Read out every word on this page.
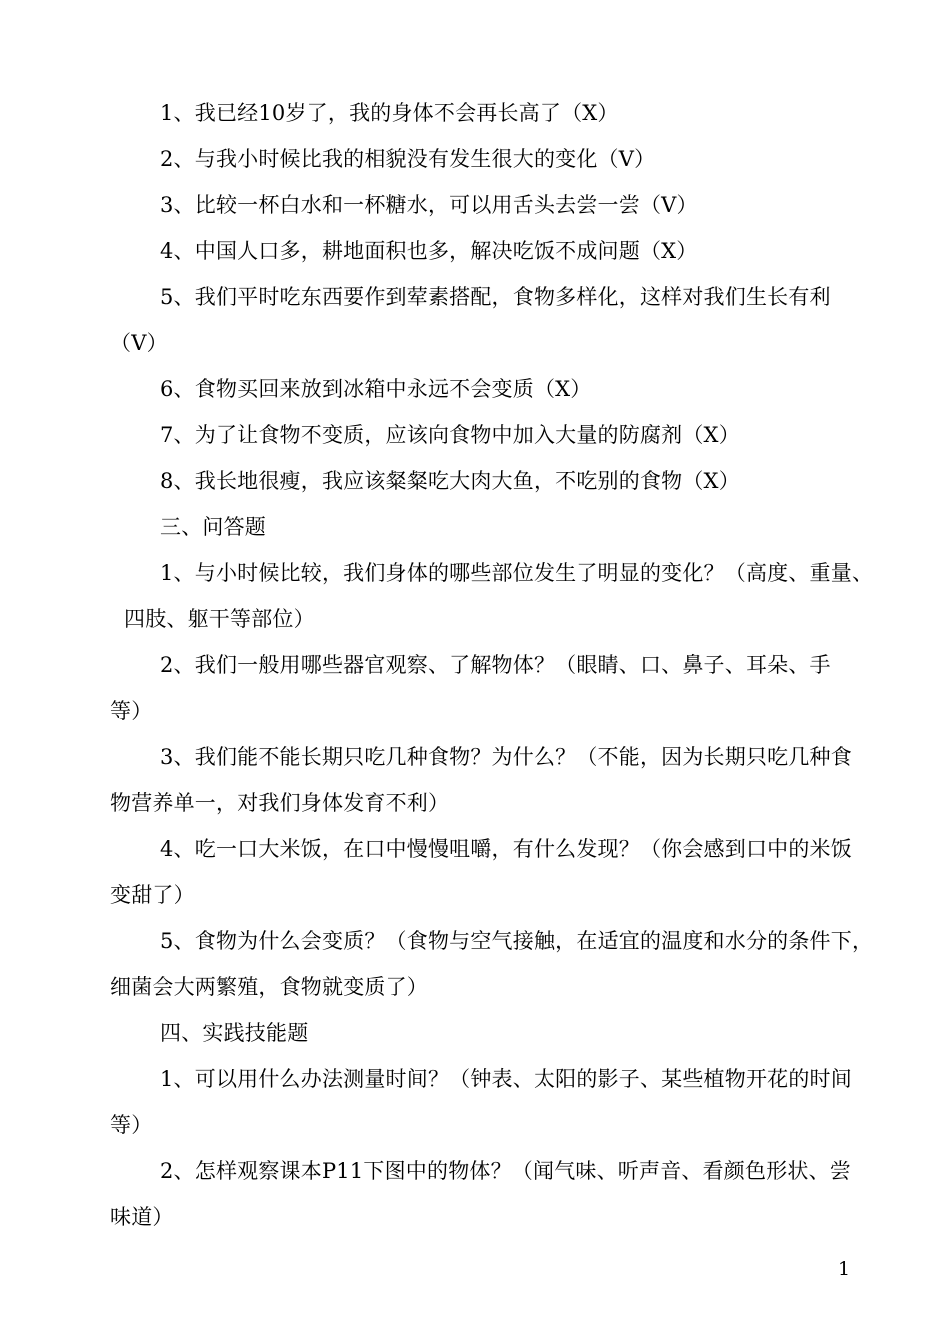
1、我已经10岁了，我的身体不会再长高了（X）
2、与我小时候比我的相貌没有发生很大的变化（V）
3、比较一杯白水和一杯糖水，可以用舌头去尝一尝（V）
4、中国人口多，耕地面积也多，解决吃饭不成问题（X）
5、我们平时吃东西要作到荤素搭配，食物多样化，这样对我们生长有利
（V）
6、食物买回来放到冰箱中永远不会变质（X）
7、为了让食物不变质，应该向食物中加入大量的防腐剂（X）
8、我长地很瘦，我应该粲粲吃大肉大鱼，不吃别的食物（X）
三、问答题
1、与小时候比较，我们身体的哪些部位发生了明显的变化？（高度、重量、
四肢、躯干等部位）
2、我们一般用哪些器官观察、了解物体？（眼睛、口、鼻子、耳朵、手
等）
3、我们能不能长期只吃几种食物？为什么？（不能，因为长期只吃几种食
物营养单一，对我们身体发育不利）
4、吃一口大米饭，在口中慢慢咀嚼，有什么发现？（你会感到口中的米饭
变甜了）
5、食物为什么会变质？（食物与空气接触，在适宜的温度和水分的条件下，
细菌会大两繁殖，食物就变质了）
四、实践技能题
1、可以用什么办法测量时间？（钟表、太阳的影子、某些植物开花的时间
等）
2、怎样观察课本P11下图中的物体？（闻气味、听声音、看颜色形状、尝
味道）
1
